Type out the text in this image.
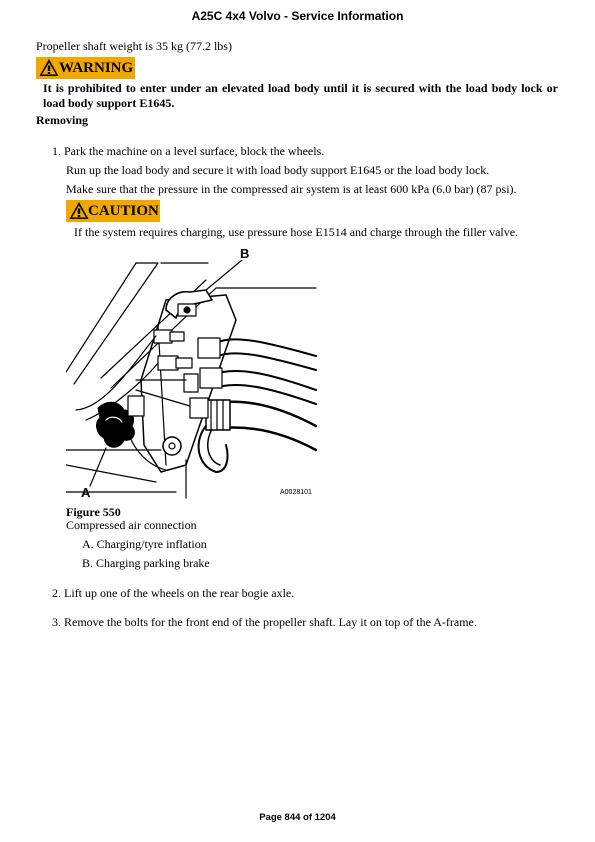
A25C 4x4 Volvo - Service Information
Propeller shaft weight is 35 kg (77.2 lbs)
WARNING
It is prohibited to enter under an elevated load body until it is secured with the load body lock or load body support E1645.
Removing
1. Park the machine on a level surface, block the wheels.
Run up the load body and secure it with load body support E1645 or the load body lock.
Make sure that the pressure in the compressed air system is at least 600 kPa (6.0 bar) (87 psi).
CAUTION
If the system requires charging, use pressure hose E1514 and charge through the filler valve.
B
A	A0028101
Figure 550
Compressed air connection
A. Charging/tyre inflation
B. Charging parking brake
2. Lift up one of the wheels on the rear bogie axle.
3. Remove the bolts for the front end of the propeller shaft. Lay it on top of the A-frame.
Page 844 of 1204
